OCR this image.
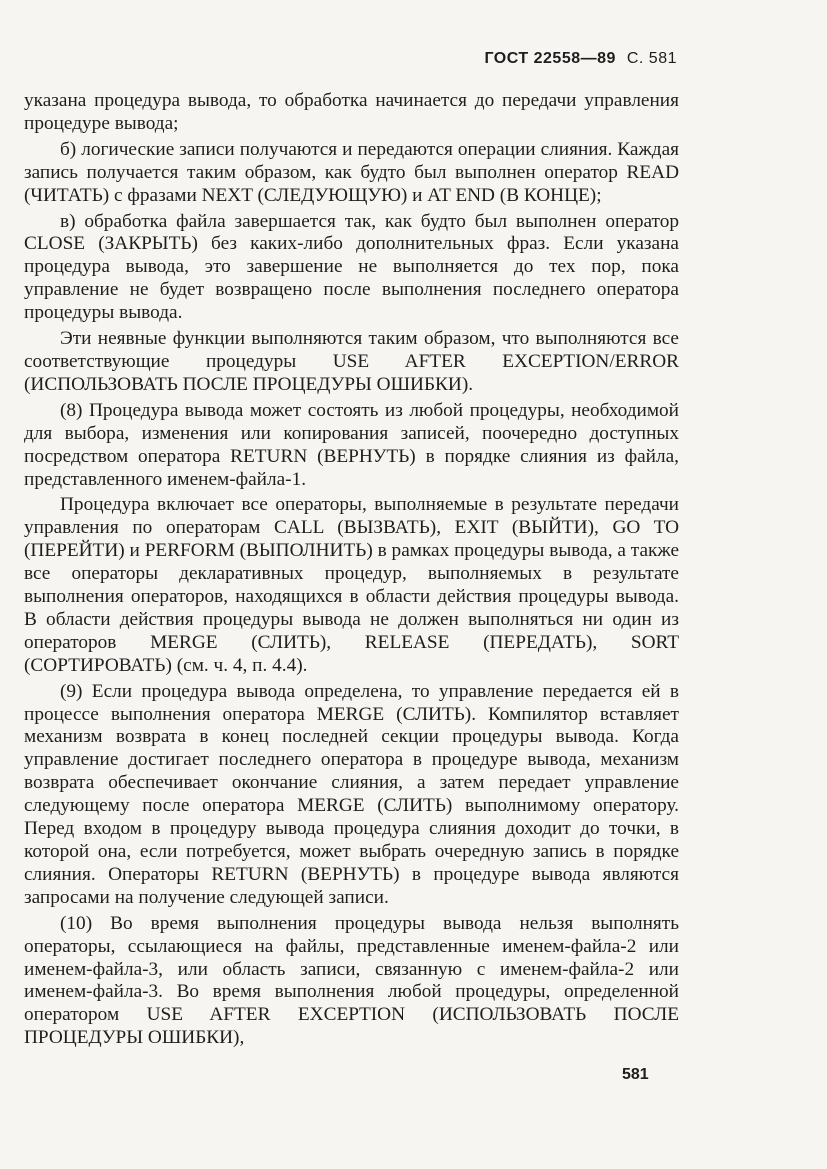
ГОСТ 22558—89 С. 581

указана процедура вывода, то обработка начинается до передачи управления процедуре вывода;

б) логические записи получаются и передаются операции слияния. Каждая запись получается таким образом, как будто был выполнен оператор READ (ЧИТАТЬ) с фразами NEXT (СЛЕДУЮЩУЮ) и AT END (В КОНЦЕ);

в) обработка файла завершается так, как будто был выполнен оператор CLOSE (ЗАКРЫТЬ) без каких-либо дополнительных фраз. Если указана процедура вывода, это завершение не выполняется до тех пор, пока управление не будет возвращено после выполнения последнего оператора процедуры вывода.

Эти неявные функции выполняются таким образом, что выполняются все соответствующие процедуры USE AFTER EXCEPTION/ERROR (ИСПОЛЬЗОВАТЬ ПОСЛЕ ПРОЦЕДУРЫ ОШИБКИ).

(8) Процедура вывода может состоять из любой процедуры, необходимой для выбора, изменения или копирования записей, поочередно доступных посредством оператора RETURN (ВЕРНУТЬ) в порядке слияния из файла, представленного именем-файла-1.

Процедура включает все операторы, выполняемые в результате передачи управления по операторам CALL (ВЫЗВАТЬ), EXIT (ВЫЙТИ), GO TO (ПЕРЕЙТИ) и PERFORM (ВЫПОЛНИТЬ) в рамках процедуры вывода, а также все операторы декларативных процедур, выполняемых в результате выполнения операторов, находящихся в области действия процедуры вывода. В области действия процедуры вывода не должен выполняться ни один из операторов MERGE (СЛИТЬ), RELEASE (ПЕРЕДАТЬ), SORT (СОРТИРОВАТЬ) (см. ч. 4, п. 4.4).

(9) Если процедура вывода определена, то управление передается ей в процессе выполнения оператора MERGE (СЛИТЬ). Компилятор вставляет механизм возврата в конец последней секции процедуры вывода. Когда управление достигает последнего оператора в процедуре вывода, механизм возврата обеспечивает окончание слияния, а затем передает управление следующему после оператора MERGE (СЛИТЬ) выполнимому оператору. Перед входом в процедуру вывода процедура слияния доходит до точки, в которой она, если потребуется, может выбрать очередную запись в порядке слияния. Операторы RETURN (ВЕРНУТЬ) в процедуре вывода являются запросами на получение следующей записи.

(10) Во время выполнения процедуры вывода нельзя выполнять операторы, ссылающиеся на файлы, представленные именем-файла-2 или именем-файла-3, или область записи, связанную с именем-файла-2 или именем-файла-3. Во время выполнения любой процедуры, определенной оператором USE AFTER EXCEPTION (ИСПОЛЬЗОВАТЬ ПОСЛЕ ПРОЦЕДУРЫ ОШИБКИ),

581
